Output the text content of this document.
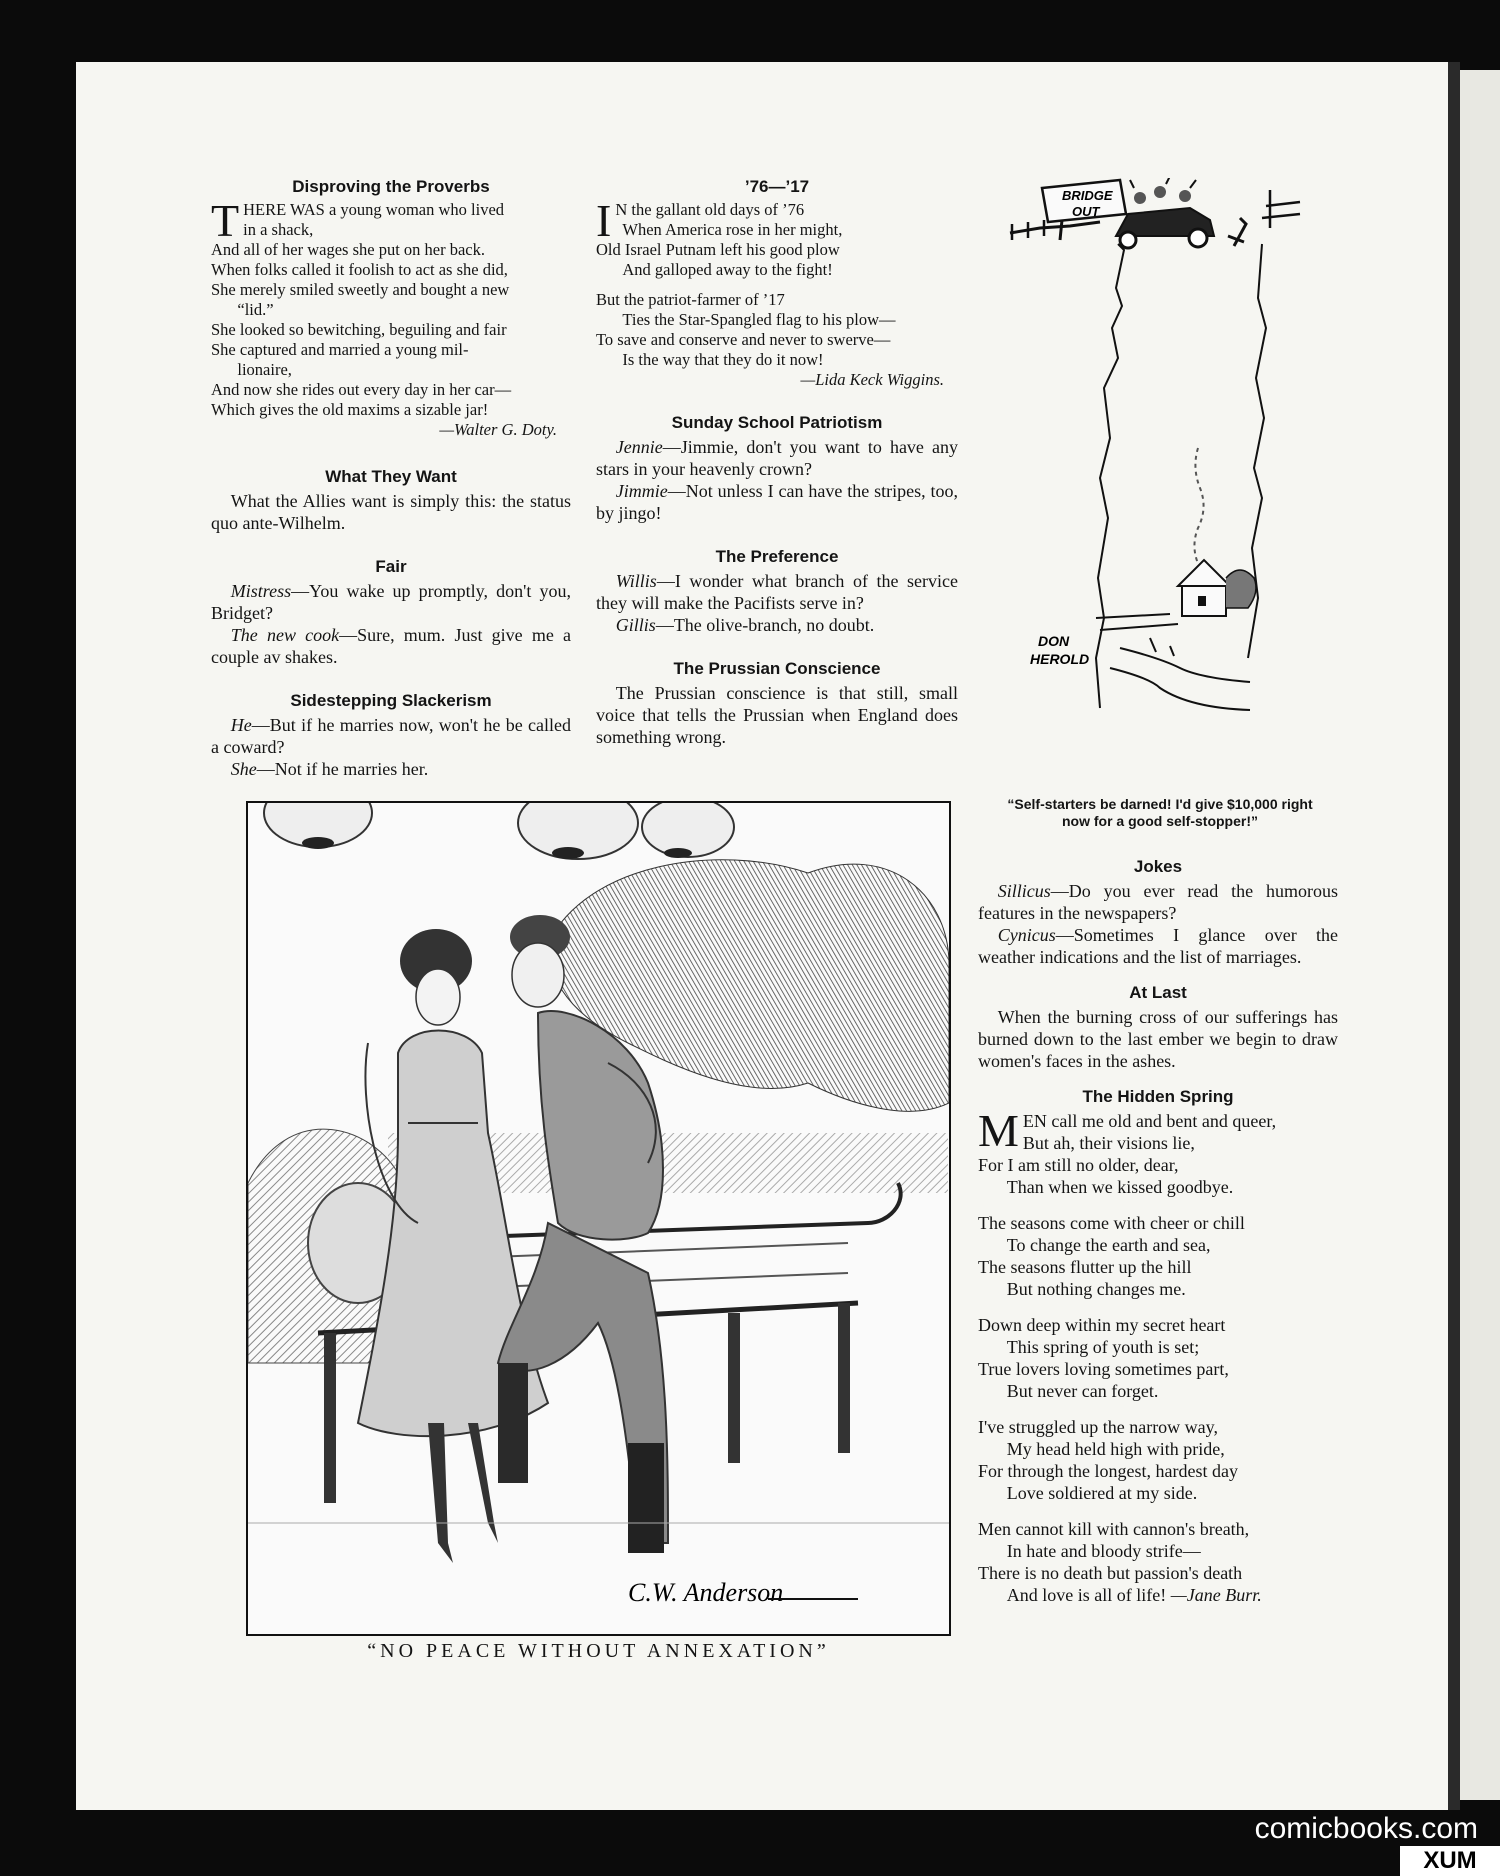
Disproving the Proverbs
T HERE WAS a young woman who lived

in a shack,

And all of her wages she put on her back.

When folks called it foolish to act as she did,

She merely smiled sweetly and bought a new

“lid.”

She looked so bewitching, beguiling and fair

She captured and married a young mil-

lionaire,

And now she rides out every day in her car—

Which gives the old maxims a sizable jar!

—Walter G. Doty.

What They Want

What the Allies want is simply this: the status quo ante-Wilhelm.

Fair

Mistress—You wake up promptly, don't you, Bridget?

The new cook—Sure, mum. Just give me a couple av shakes.

Sidestepping Slackerism

He—But if he marries now, won't he be called a coward?

She—Not if he marries her.

’76—’17
I N the gallant old days of ’76

When America rose in her might,

Old Israel Putnam left his good plow

And galloped away to the fight!

But the patriot-farmer of ’17

Ties the Star-Spangled flag to his plow—

To save and conserve and never to swerve—

Is the way that they do it now!

—Lida Keck Wiggins.

Sunday School Patriotism

Jennie—Jimmie, don't you want to have any stars in your heavenly crown?

Jimmie—Not unless I can have the stripes, too, by jingo!

The Preference

Willis—I wonder what branch of the service they will make the Pacifists serve in?

Gillis—The olive-branch, no doubt.

The Prussian Conscience

The Prussian conscience is that still, small voice that tells the Prussian when England does something wrong.

BRIDGE
OUT
DON
HEROLD
“Self-starters be darned! I'd give $10,000 right
now for a good self-stopper!”
C.W. Anderson
“NO PEACE WITHOUT ANNEXATION”
Jokes

Sillicus—Do you ever read the humorous features in the newspapers?

Cynicus—Sometimes I glance over the weather indications and the list of marriages.

At Last

When the burning cross of our sufferings has burned down to the last ember we begin to draw women's faces in the ashes.

The Hidden Spring
M EN call me old and bent and queer,

But ah, their visions lie,

For I am still no older, dear,

Than when we kissed goodbye.

The seasons come with cheer or chill

To change the earth and sea,

The seasons flutter up the hill

But nothing changes me.

Down deep within my secret heart

This spring of youth is set;

True lovers loving sometimes part,

But never can forget.

I've struggled up the narrow way,

My head held high with pride,

For through the longest, hardest day

Love soldiered at my side.

Men cannot kill with cannon's breath,

In hate and bloody strife—

There is no death but passion's death

And love is all of life! —Jane Burr.

comicbooks.com
XUM
